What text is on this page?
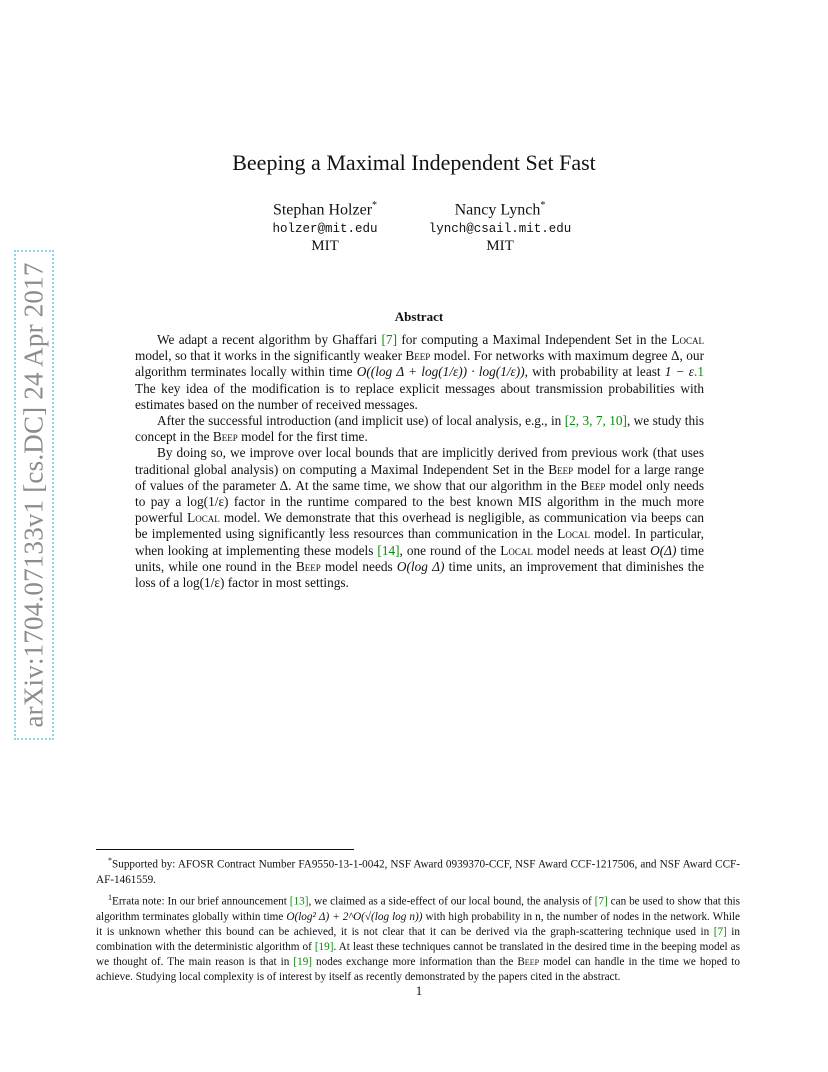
arXiv:1704.07133v1 [cs.DC] 24 Apr 2017
Beeping a Maximal Independent Set Fast
Stephan Holzer*
holzer@mit.edu
MIT
Nancy Lynch*
lynch@csail.mit.edu
MIT
Abstract

We adapt a recent algorithm by Ghaffari [7] for computing a Maximal Independent Set in the Local model, so that it works in the significantly weaker Beep model. For networks with maximum degree Δ, our algorithm terminates locally within time O((log Δ + log(1/ε)) · log(1/ε)), with probability at least 1 − ε.1 The key idea of the modification is to replace explicit messages about transmission probabilities with estimates based on the number of received messages.

After the successful introduction (and implicit use) of local analysis, e.g., in [2, 3, 7, 10], we study this concept in the Beep model for the first time.

By doing so, we improve over local bounds that are implicitly derived from previous work (that uses traditional global analysis) on computing a Maximal Independent Set in the Beep model for a large range of values of the parameter Δ. At the same time, we show that our algorithm in the Beep model only needs to pay a log(1/ε) factor in the runtime compared to the best known MIS algorithm in the much more powerful Local model. We demonstrate that this overhead is negligible, as communication via beeps can be implemented using significantly less resources than communication in the Local model. In particular, when looking at implementing these models [14], one round of the Local model needs at least O(Δ) time units, while one round in the Beep model needs O(log Δ) time units, an improvement that diminishes the loss of a log(1/ε) factor in most settings.

*Supported by: AFOSR Contract Number FA9550-13-1-0042, NSF Award 0939370-CCF, NSF Award CCF-1217506, and NSF Award CCF-AF-1461559.

$^1$Errata note: In our brief announcement [13], we claimed as a side-effect of our local bound, the analysis of [7] can be used to show that this algorithm terminates globally within time O(log² Δ) + 2^O(√(log log n)) with high probability in n, the number of nodes in the network. While it is unknown whether this bound can be achieved, it is not clear that it can be derived via the graph-scattering technique used in [7] in combination with the deterministic algorithm of [19]. At least these techniques cannot be translated in the desired time in the beeping model as we thought of. The main reason is that in [19] nodes exchange more information than the Beep model can handle in the time we hoped to achieve. Studying local complexity is of interest by itself as recently demonstrated by the papers cited in the abstract.

1
